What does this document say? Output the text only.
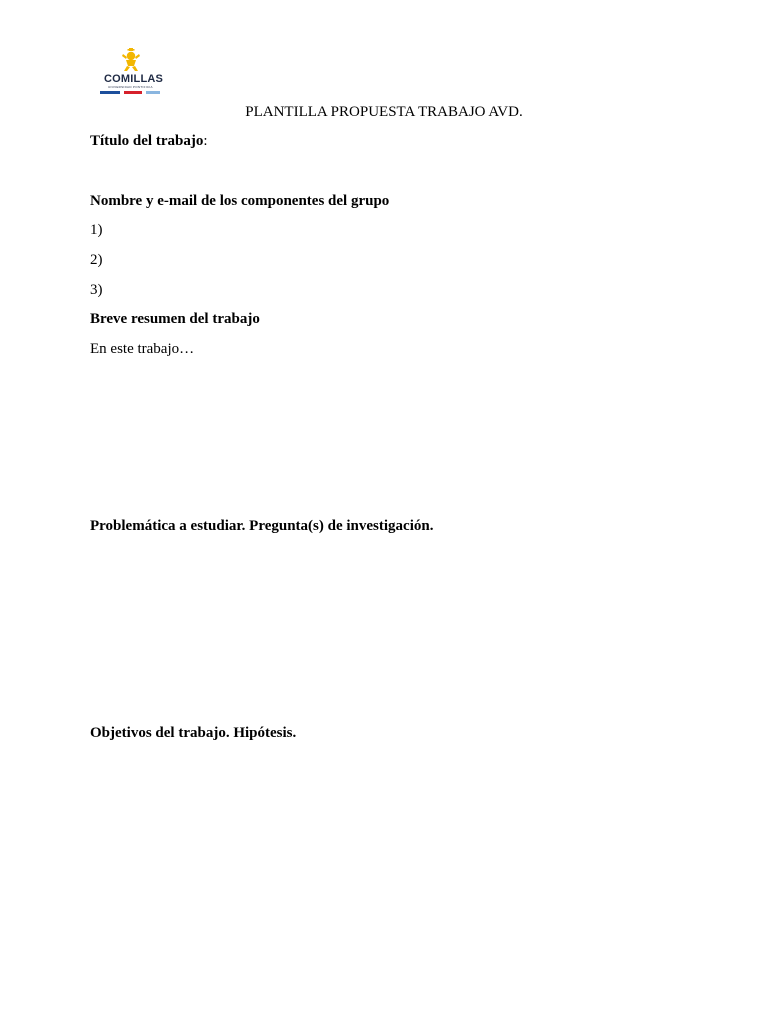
COMILLAS
UNIVERSIDAD PONTIFICIA
PLANTILLA PROPUESTA TRABAJO AVD.
Título del trabajo:
Nombre y e-mail de los componentes del grupo
1)
2)
3)
Breve resumen del trabajo
En este trabajo…
Problemática a estudiar. Pregunta(s) de investigación.
Objetivos del trabajo. Hipótesis.
